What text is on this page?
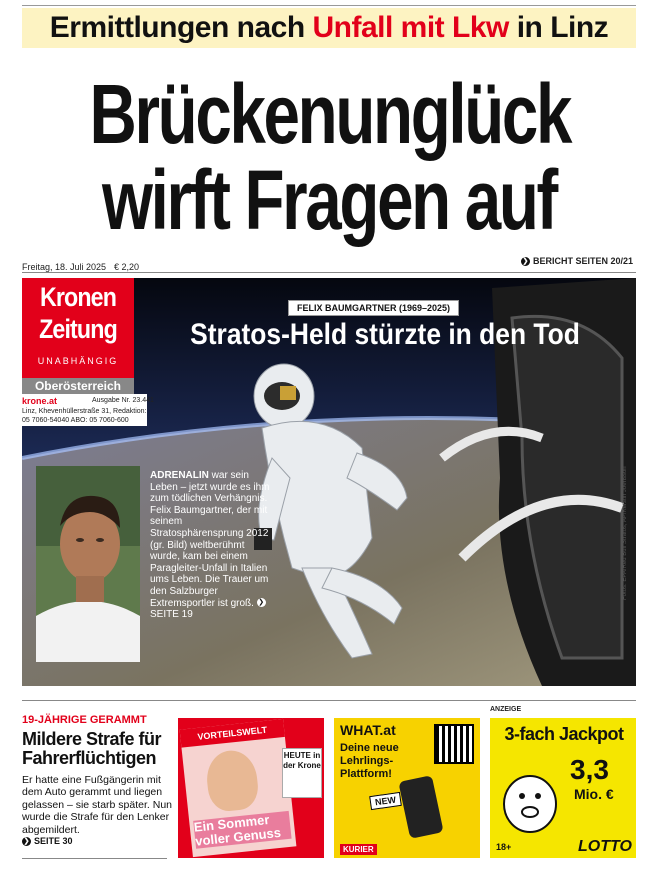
Ermittlungen nach
Unfall mit Lkw
in Linz
Brückenunglück
wirft Fragen auf
Freitag, 18. Juli 2025 € 2,20
❯ BERICHT SEITEN 20/21
FELIX BAUMGARTNER (1969–2025)
Stratos-Held stürzte in den Tod
Kronen
Zeitung
UNABHÄNGIG
Oberösterreich
krone.at	Ausgabe Nr. 23.441
Linz, Khevenhüllerstraße 31, Redaktion:
05 7060-54040 ABO: 05 7060-600
ADRENALIN war sein Leben – jetzt wurde es ihm zum tödlichen Verhängnis. Felix Baumgartner, der mit seinem Stratosphärensprung 2012 (gr. Bild) weltberühmt wurde, kam bei einem Paragleiter-Unfall in Italien ums Leben. Die Trauer um den Salzburger Extremsportler ist groß. ❯SEITE 19
Fotos: EPA/Red Bull Stratos, AP/Kerstin Joensson
19-JÄHRIGE GERAMMT
Mildere Strafe für Fahrerflüchtigen
Er hatte eine Fußgängerin mit dem Auto gerammt und liegen gelassen – sie starb später. Nun wurde die Strafe für den Lenker abgemildert.
❯ SEITE 30
VORTEILSWELT
Ein Sommer voller Genuss
HEUTE in der Krone
WHAT.at
Deine neue Lehrlings-Plattform!
NEW
KURIER
ANZEIGE
3-fach Jackpot
3,3
Mio. €
18+	LOTTO
